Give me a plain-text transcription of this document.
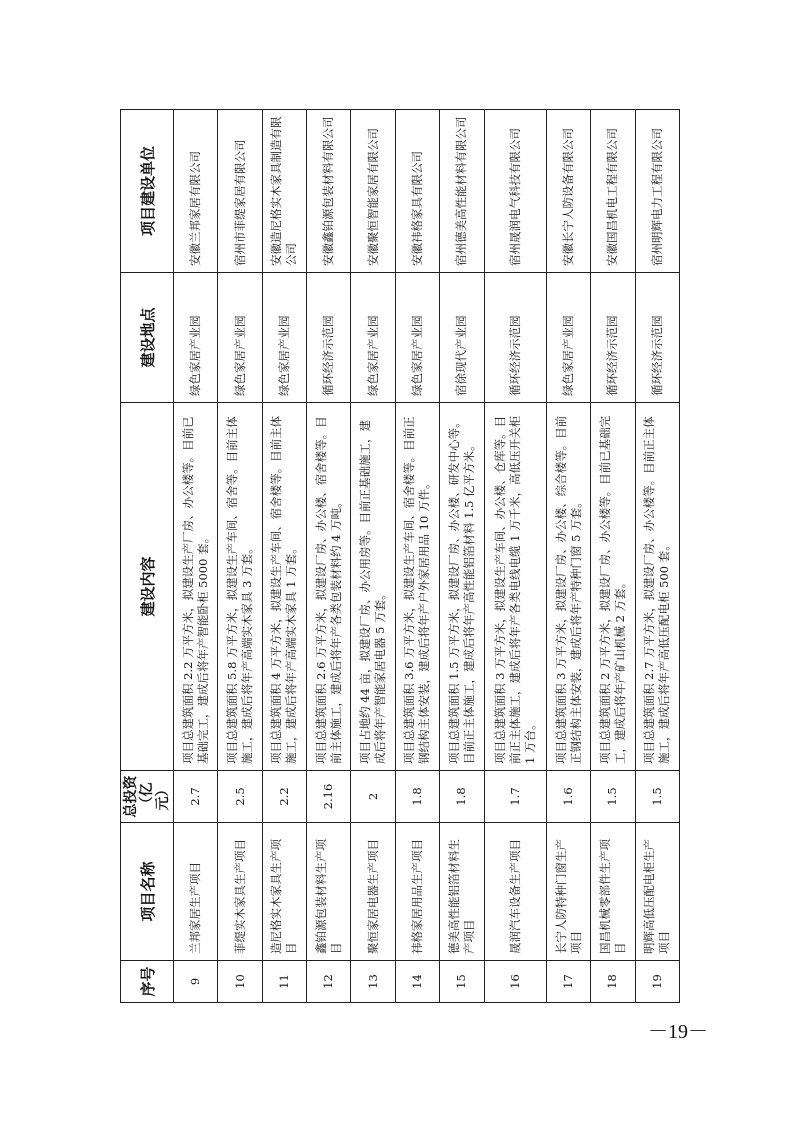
序号	项目名称	总投资（亿元）	建设内容	建设地点	项目建设单位
9	兰邦家居生产项目	2.7	项目总建筑面积 2.2 万平方米，拟建设生产厂房、办公楼等。目前已基础完工，建成后将年产智能卧柜 5000 套。	绿色家居产业园	安徽兰邦家居有限公司
10	菲缇实木家具生产项目	2.5	项目总建筑面积 5.8 万平方米，拟建设生产车间、宿舍等。目前主体施工，建成后将年产高端实木家具 3 万套。	绿色家居产业园	宿州市菲缇家居有限公司
11	造尼格实木家具生产项目	2.2	项目总建筑面积 4 万平方米，拟建设生产车间、宿舍楼等。目前主体施工，建成后将年产高端实木家具 1 万套。	绿色家居产业园	安徽造尼格实木家具制造有限公司
12	鑫铂源包装材料生产项目	2.16	项目总建筑面积 2.6 万平方米，拟建设厂房、办公楼、宿舍楼等。目前主体施工，建成后将年产各类包装材料约 4 万吨。	循环经济示范园	安徽鑫铂源包装材料有限公司
13	聚恒家居电器生产项目	2	项目占地约 44 亩，拟建设厂房、办公用房等。目前正基础施工，建成后将年产智能家居电器 5 万套。	绿色家居产业园	安徽聚恒智能家居有限公司
14	祎格家居用品生产项目	1.8	项目总建筑面积 3.6 万平方米，拟建设生产车间、宿舍楼等。目前正钢结构主体安装，建成后将年产户外家居用品 10 万件。	绿色家居产业园	安徽祎格家具有限公司
15	德美高性能铝箔材料生产项目	1.8	项目总建筑面积 1.5 万平方米，拟建设厂房、办公楼、研发中心等。目前正主体施工，建成后将年产高性能铝箔材料 1.5 亿平方米。	宿徐现代产业园	宿州德美高性能材料有限公司
16	晟润汽车设备生产项目	1.7	项目总建筑面积 3 万平方米，拟建设生产车间、办公楼、仓库等。目前正主体施工，建成后将年产各类电线电缆 1 万千米，高低压开关柜 1 万台。	循环经济示范园	宿州晟润电气科技有限公司
17	长宁人防特种门窗生产项目	1.6	项目总建筑面积 3 万平方米，拟建设厂房、办公楼、综合楼等。目前正钢结构主体安装，建成后将年产特种门窗 5 万套。	绿色家居产业园	安徽长宁人防设备有限公司
18	国昌机械零部件生产项目	1.5	项目总建筑面积 2 万平方米，拟建设厂房、办公楼等。目前已基础完工，建成后将年产矿山机械 2 万套。	循环经济示范园	安徽国昌机电工程有限公司
19	明辉高低压配电柜生产项目	1.5	项目总建筑面积 2.7 万平方米，拟建设厂房、办公楼等。目前正主体施工，建成后将年产高低压配电柜 500 套。	循环经济示范园	宿州明辉电力工程有限公司
－19－
